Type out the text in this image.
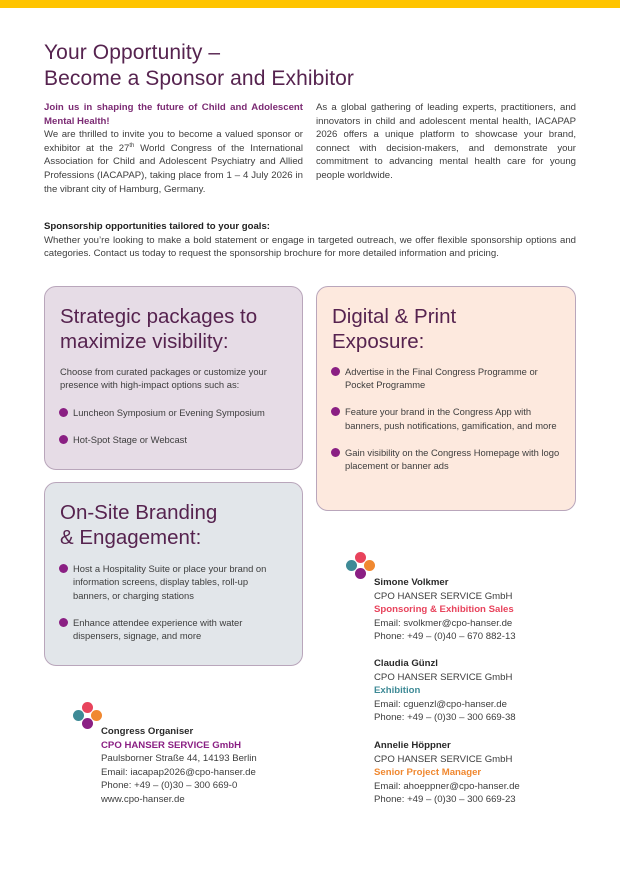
Your Opportunity –
Become a Sponsor and Exhibitor
Join us in shaping the future of Child and Adolescent Mental Health!
We are thrilled to invite you to become a valued sponsor or exhibitor at the 27th World Congress of the International Association for Child and Adolescent Psychiatry and Allied Professions (IACAPAP), taking place from 1 – 4 July 2026 in the vibrant city of Hamburg, Germany.
As a global gathering of leading experts, practitioners, and innovators in child and adolescent mental health, IACAPAP 2026 offers a unique platform to showcase your brand, connect with decision-makers, and demonstrate your commitment to advancing mental health care for young people worldwide.
Sponsorship opportunities tailored to your goals:
Whether you’re looking to make a bold statement or engage in targeted outreach, we offer flexible sponsorship options and categories. Contact us today to request the sponsorship brochure for more detailed information and pricing.
Strategic packages to
maximize visibility:

Choose from curated packages or customize your presence with high-impact options such as:

Luncheon Symposium or Evening Symposium
Hot-Spot Stage or Webcast
Digital & Print
Exposure:
Advertise in the Final Congress Programme or Pocket Programme
Feature your brand in the Congress App with banners, push notifications, gamification, and more
Gain visibility on the Congress Homepage with logo placement or banner ads
On-Site Branding
& Engagement:
Host a Hospitality Suite or place your brand on information screens, display tables, roll-up banners, or charging stations
Enhance attendee experience with water dispensers, signage, and more
Congress Organiser
CPO HANSER SERVICE GmbH
Paulsborner Straße 44, 14193 Berlin
Email: iacapap2026@cpo-hanser.de
Phone: +49 – (0)30 – 300 669-0
www.cpo-hanser.de
Simone Volkmer
CPO HANSER SERVICE GmbH
Sponsoring & Exhibition Sales
Email: svolkmer@cpo-hanser.de
Phone: +49 – (0)40 – 670 882-13
Claudia Günzl
CPO HANSER SERVICE GmbH
Exhibition
Email: cguenzl@cpo-hanser.de
Phone: +49 – (0)30 – 300 669-38
Annelie Höppner
CPO HANSER SERVICE GmbH
Senior Project Manager
Email: ahoeppner@cpo-hanser.de
Phone: +49 – (0)30 – 300 669-23
